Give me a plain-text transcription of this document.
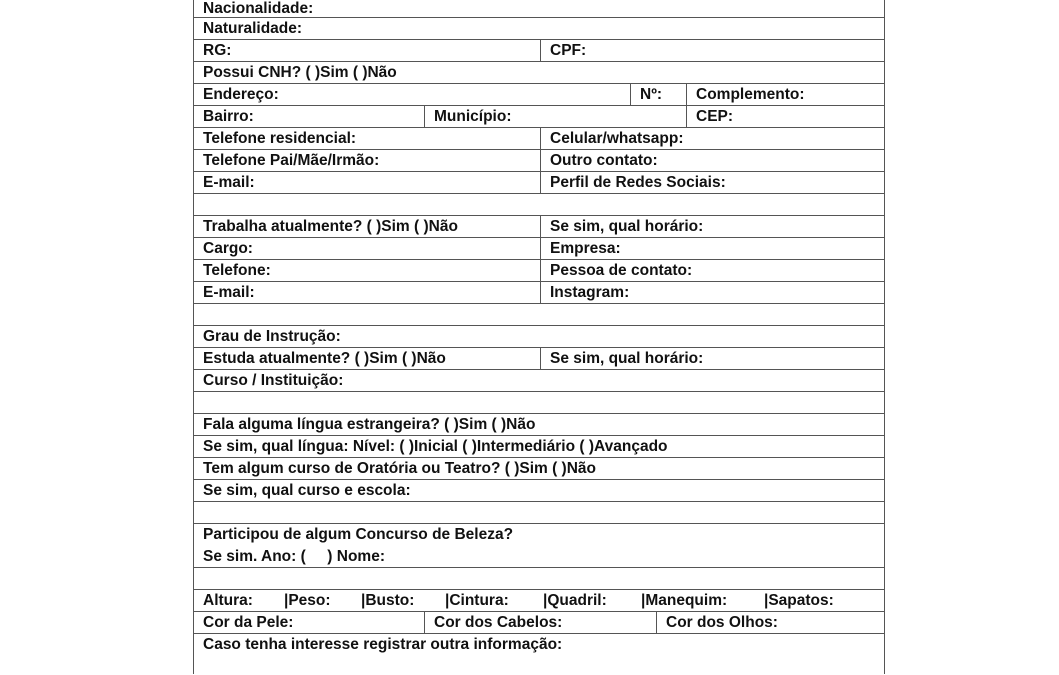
Nacionalidade:
Naturalidade:
RG:	CPF:
Possui CNH? ( )Sim ( )Não
Endereço:	Nº:	Complemento:
Bairro:	Município:	CEP:
Telefone residencial:	Celular/whatsapp:
Telefone Pai/Mãe/Irmão:	Outro contato:
E-mail:	Perfil de Redes Sociais:
Trabalha atualmente? ( )Sim ( )Não	Se sim, qual horário:
Cargo:	Empresa:
Telefone:	Pessoa de contato:
E-mail:	Instagram:
Grau de Instrução:
Estuda atualmente? ( )Sim ( )Não	Se sim, qual horário:
Curso / Instituição:
Fala alguma língua estrangeira? ( )Sim ( )Não
Se sim, qual língua: Nível: ( )Inicial ( )Intermediário ( )Avançado
Tem algum curso de Oratória ou Teatro? ( )Sim ( )Não
Se sim, qual curso e escola:
Participou de algum Concurso de Beleza?
Se sim. Ano: (     ) Nome:
Altura: |Peso: |Busto: |Cintura: |Quadril: |Manequim: |Sapatos:
Cor da Pele:	Cor dos Cabelos:	Cor dos Olhos:
Caso tenha interesse registrar outra informação:
